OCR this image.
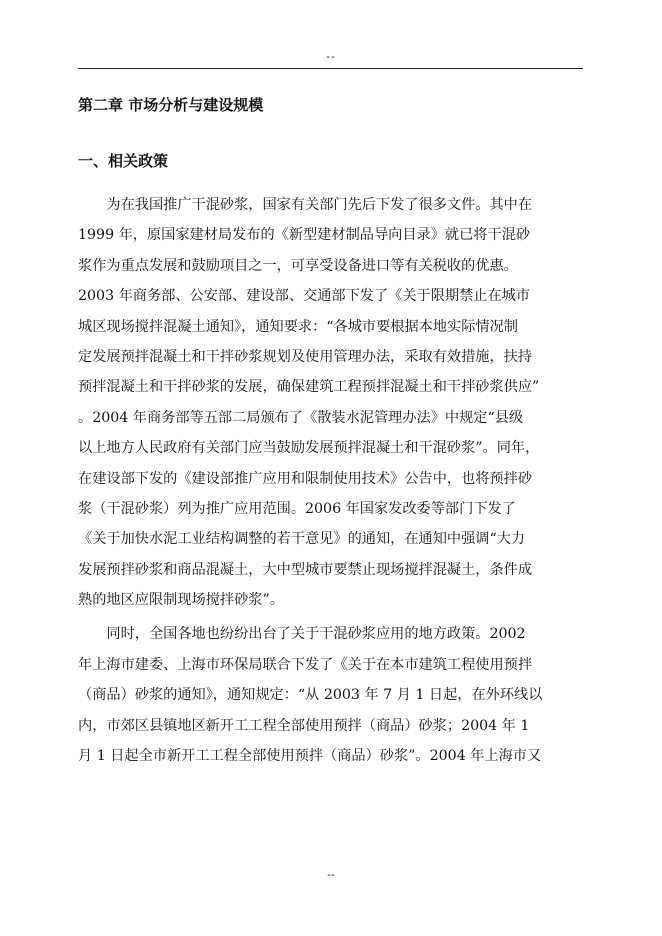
--
第二章 市场分析与建设规模
一、相关政策
　　为在我国推广干混砂浆，国家有关部门先后下发了很多文件。其中在
1999 年，原国家建材局发布的《新型建材制品导向目录》就已将干混砂
浆作为重点发展和鼓励项目之一，可享受设备进口等有关税收的优惠。
2003 年商务部、公安部、建设部、交通部下发了《关于限期禁止在城市
城区现场搅拌混凝土通知》，通知要求：“各城市要根据本地实际情况制
定发展预拌混凝土和干拌砂浆规划及使用管理办法，采取有效措施，扶持
预拌混凝土和干拌砂浆的发展，确保建筑工程预拌混凝土和干拌砂浆供应”
。2004 年商务部等五部二局颁布了《散装水泥管理办法》中规定“县级
以上地方人民政府有关部门应当鼓励发展预拌混凝土和干混砂浆”。同年，
在建设部下发的《建设部推广应用和限制使用技术》公告中，也将预拌砂
浆（干混砂浆）列为推广应用范围。2006 年国家发改委等部门下发了
《关于加快水泥工业结构调整的若干意见》的通知，在通知中强调“大力
发展预拌砂浆和商品混凝土，大中型城市要禁止现场搅拌混凝土，条件成
熟的地区应限制现场搅拌砂浆”。
　　同时，全国各地也纷纷出台了关于干混砂浆应用的地方政策。2002
年上海市建委、上海市环保局联合下发了《关于在本市建筑工程使用预拌
（商品）砂浆的通知》，通知规定：“从 2003 年 7 月 1 日起，在外环线以
内，市郊区县镇地区新开工工程全部使用预拌（商品）砂浆；2004 年 1
月 1 日起全市新开工工程全部使用预拌（商品）砂浆”。2004 年上海市又
--
